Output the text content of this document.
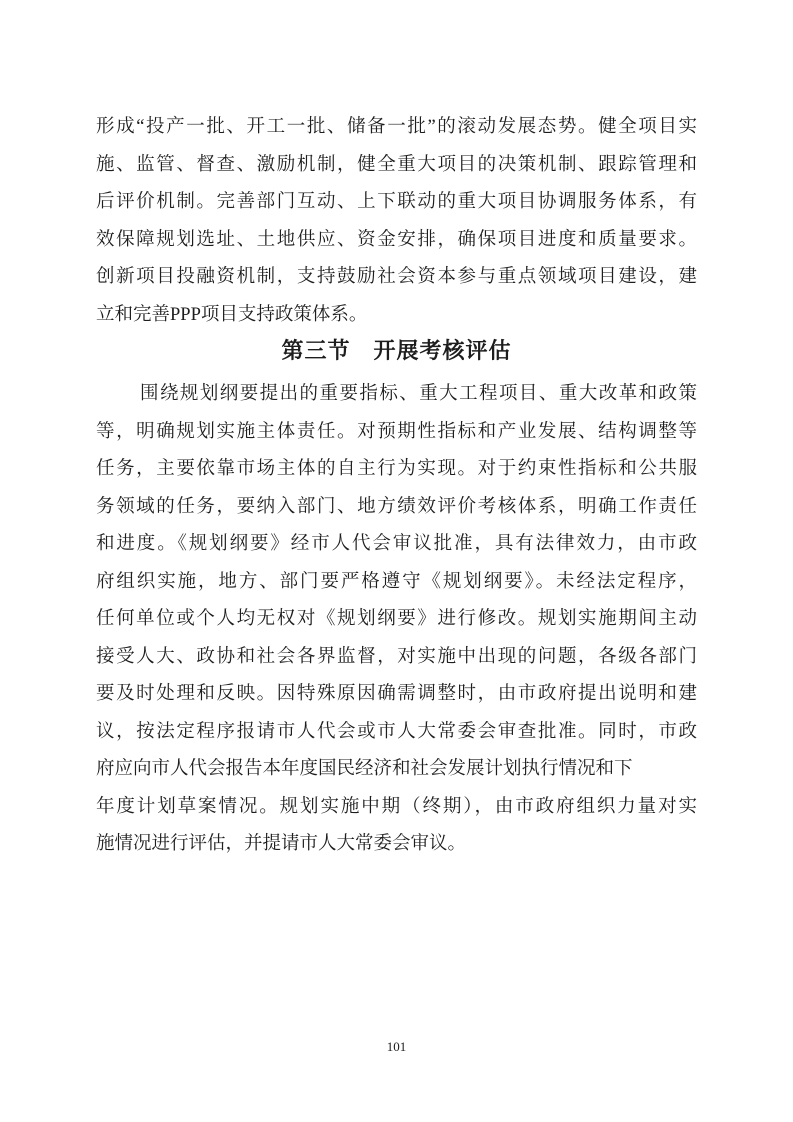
形成“投产一批、开工一批、储备一批”的滚动发展态势。健全项目实
施、监管、督查、激励机制，健全重大项目的决策机制、跟踪管理和
后评价机制。完善部门互动、上下联动的重大项目协调服务体系，有
效保障规划选址、土地供应、资金安排，确保项目进度和质量要求。
创新项目投融资机制，支持鼓励社会资本参与重点领域项目建设，建
立和完善PPP项目支持政策体系。
第三节　开展考核评估
围绕规划纲要提出的重要指标、重大工程项目、重大改革和政策
等，明确规划实施主体责任。对预期性指标和产业发展、结构调整等
任务，主要依靠市场主体的自主行为实现。对于约束性指标和公共服
务领域的任务，要纳入部门、地方绩效评价考核体系，明确工作责任
和进度。《规划纲要》经市人代会审议批准，具有法律效力，由市政
府组织实施，地方、部门要严格遵守《规划纲要》。未经法定程序，
任何单位或个人均无权对《规划纲要》进行修改。规划实施期间主动
接受人大、政协和社会各界监督，对实施中出现的问题，各级各部门
要及时处理和反映。因特殊原因确需调整时，由市政府提出说明和建
议，按法定程序报请市人代会或市人大常委会审查批准。同时，市政
府应向市人代会报告本年度国民经济和社会发展计划执行情况和下
年度计划草案情况。规划实施中期（终期），由市政府组织力量对实
施情况进行评估，并提请市人大常委会审议。
101
